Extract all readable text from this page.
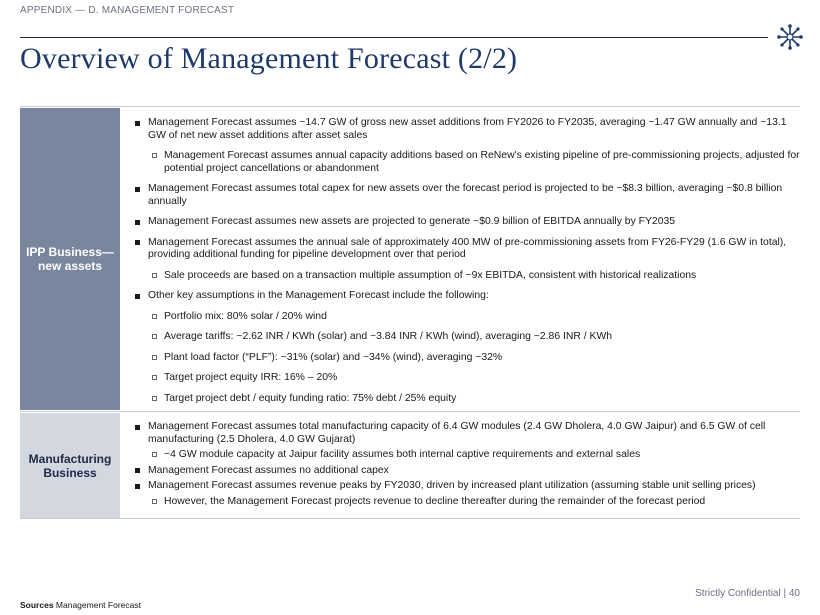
APPENDIX — D. MANAGEMENT FORECAST
Overview of Management Forecast (2/2)
IPP Business— new assets
Management Forecast assumes ~14.7 GW of gross new asset additions from FY2026 to FY2035, averaging ~1.47 GW annually and ~13.1 GW of net new asset additions after asset sales
Management Forecast assumes annual capacity additions based on ReNew's existing pipeline of pre-commissioning projects, adjusted for potential project cancellations or abandonment
Management Forecast assumes total capex for new assets over the forecast period is projected to be ~$8.3 billion, averaging ~$0.8 billion annually
Management Forecast assumes new assets are projected to generate ~$0.9 billion of EBITDA annually by FY2035
Management Forecast assumes the annual sale of approximately 400 MW of pre-commissioning assets from FY26-FY29 (1.6 GW in total), providing additional funding for pipeline development over that period
Sale proceeds are based on a transaction multiple assumption of ~9x EBITDA, consistent with historical realizations
Other key assumptions in the Management Forecast include the following:
Portfolio mix: 80% solar / 20% wind
Average tariffs: ~2.62 INR / KWh (solar) and ~3.84 INR / KWh (wind), averaging ~2.86 INR / KWh
Plant load factor (“PLF”): ~31% (solar) and ~34% (wind), averaging ~32%
Target project equity IRR: 16% – 20%
Target project debt / equity funding ratio: 75% debt / 25% equity
Manufacturing Business
Management Forecast assumes total manufacturing capacity of 6.4 GW modules (2.4 GW Dholera, 4.0 GW Jaipur) and 6.5 GW of cell manufacturing (2.5 Dholera, 4.0 GW Gujarat)
~4 GW module capacity at Jaipur facility assumes both internal captive requirements and external sales
Management Forecast assumes no additional capex
Management Forecast assumes revenue peaks by FY2030, driven by increased plant utilization (assuming stable unit selling prices)
However, the Management Forecast projects revenue to decline thereafter during the remainder of the forecast period
Strictly Confidential | 40
Sources Management Forecast
